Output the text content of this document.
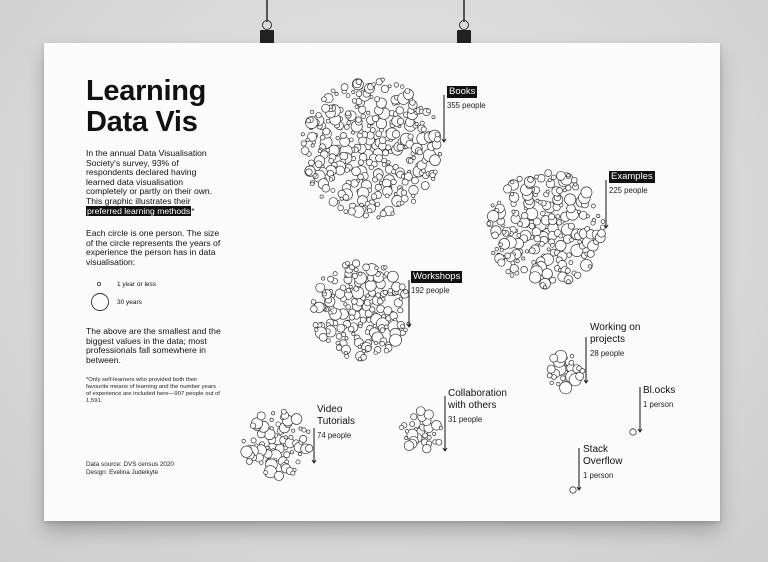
Learning
Data Vis
In the annual Data Visualisation Society's survey, 93% of respondents declared having learned data visualisation completely or partly on their own. This graphic illustrates their preferred learning methods*
Each circle is one person. The size of the circle represents the years of experience the person has in data visualisation:
1 year or less
30 years
The above are the smallest and the biggest values in the data; most professionals fall somewhere in between.
*Only self-learners who provided both their favourite means of learning and the number years of experience are included here—907 people out of 1,591.
Data source: DVS census 2020
Design: Evelina Judeikyte
Books
355 people
Examples
225 people
Workshops
192 people
Video
Tutorials
74 people
Collaboration
with others
31 people
Working on
projects
28 people
Bl.ocks
1 person
Stack
Overflow
1 person
